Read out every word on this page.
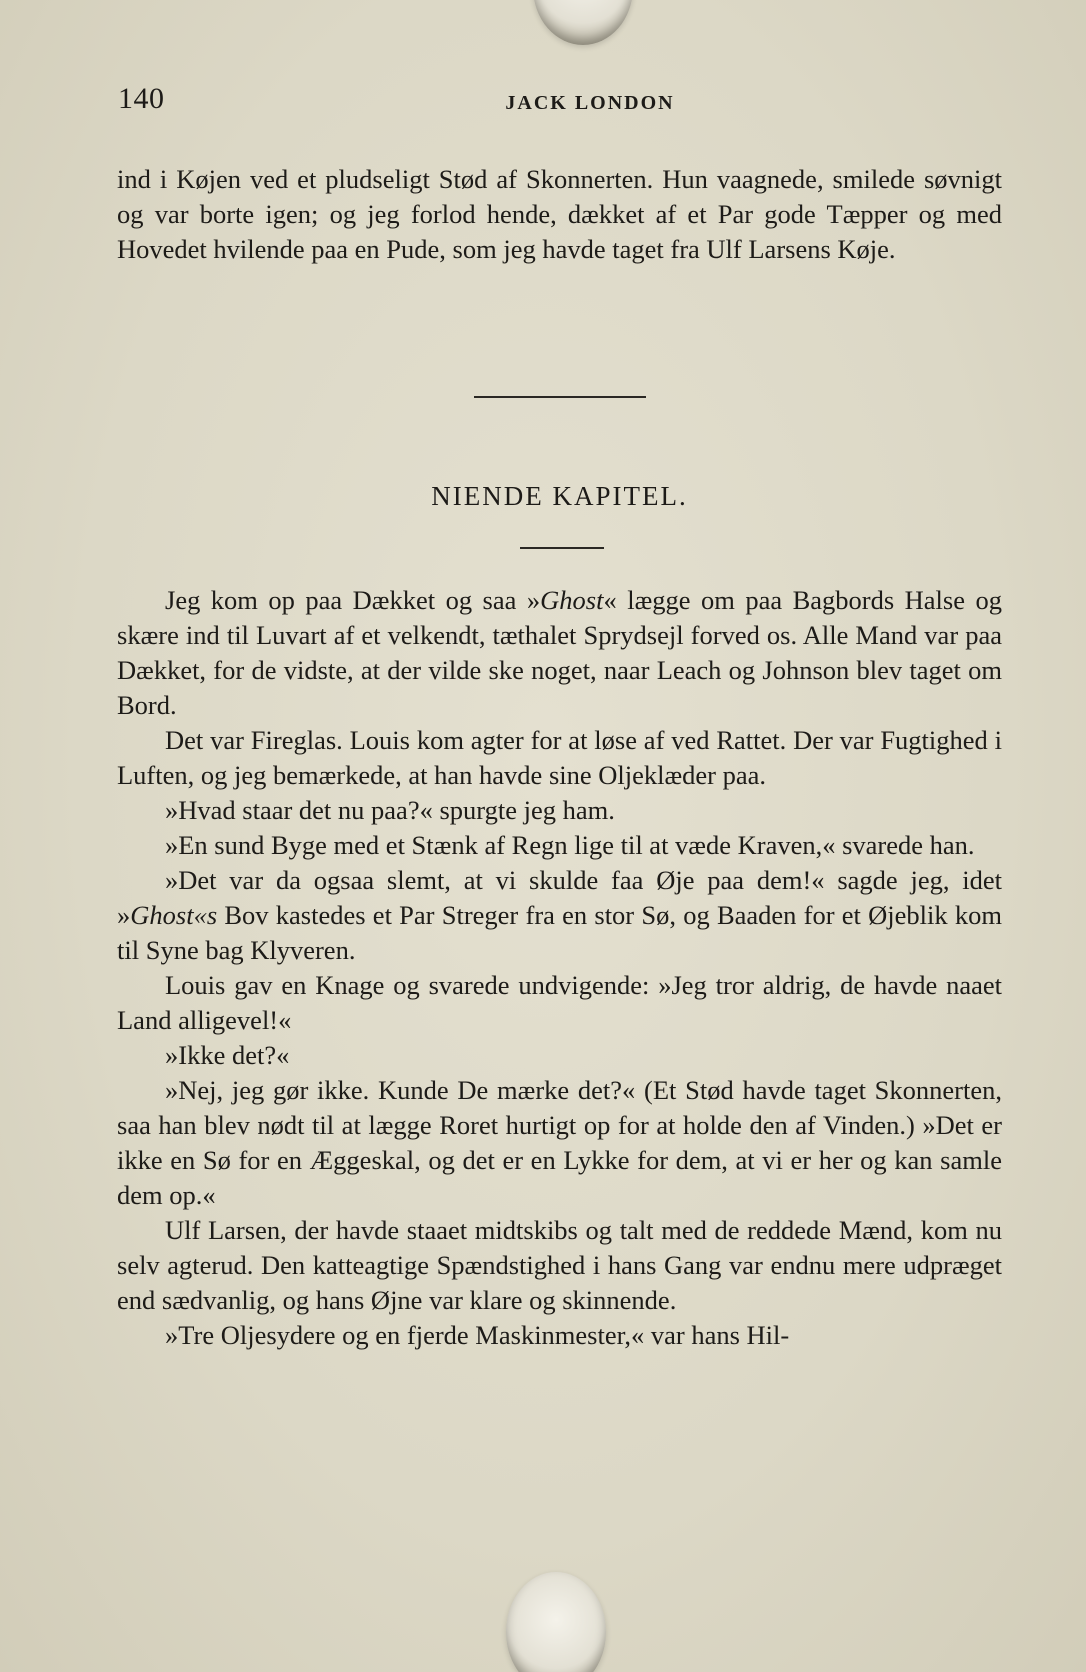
140	JACK LONDON

ind i Køjen ved et pludseligt Stød af Skonnerten. Hun vaagnede, smilede søvnigt og var borte igen; og jeg forlod hende, dækket af et Par gode Tæpper og med Hovedet hvilende paa en Pude, som jeg havde taget fra Ulf Larsens Køje.

NIENDE KAPITEL.

Jeg kom op paa Dækket og saa »Ghost« lægge om paa Bagbords Halse og skære ind til Luvart af et velkendt, tæthalet Sprydsejl forved os. Alle Mand var paa Dækket, for de vidste, at der vilde ske noget, naar Leach og Johnson blev taget om Bord.

Det var Fireglas. Louis kom agter for at løse af ved Rattet. Der var Fugtighed i Luften, og jeg bemærkede, at han havde sine Oljeklæder paa.

»Hvad staar det nu paa?« spurgte jeg ham.

»En sund Byge med et Stænk af Regn lige til at væde Kraven,« svarede han.

»Det var da ogsaa slemt, at vi skulde faa Øje paa dem!« sagde jeg, idet »Ghost«s Bov kastedes et Par Streger fra en stor Sø, og Baaden for et Øjeblik kom til Syne bag Klyveren.

Louis gav en Knage og svarede undvigende: »Jeg tror aldrig, de havde naaet Land alligevel!«

»Ikke det?«

»Nej, jeg gør ikke. Kunde De mærke det?« (Et Stød havde taget Skonnerten, saa han blev nødt til at lægge Roret hurtigt op for at holde den af Vinden.) »Det er ikke en Sø for en Æggeskal, og det er en Lykke for dem, at vi er her og kan samle dem op.«

Ulf Larsen, der havde staaet midtskibs og talt med de reddede Mænd, kom nu selv agterud. Den katteagtige Spændstighed i hans Gang var endnu mere udpræget end sædvanlig, og hans Øjne var klare og skinnende.

»Tre Oljesydere og en fjerde Maskinmester,« var hans Hil-
